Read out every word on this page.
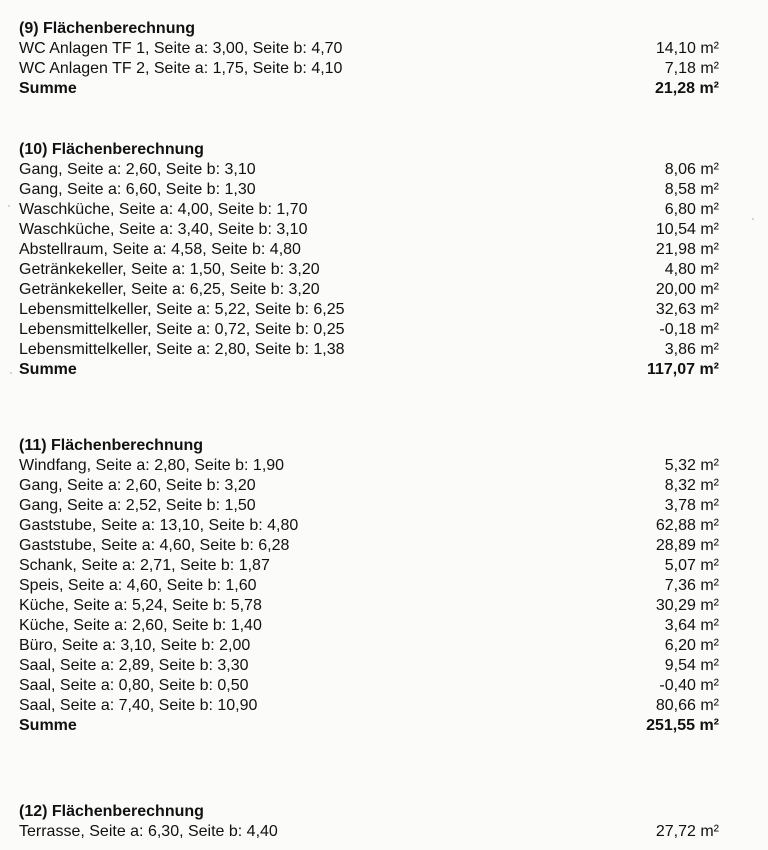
(9) Flächenberechnung
WC Anlagen TF 1, Seite a: 3,00, Seite b: 4,70	14,10 m²
WC Anlagen TF 2, Seite a: 1,75, Seite b: 4,10	7,18 m²
Summe	21,28 m²
(10) Flächenberechnung
Gang, Seite a: 2,60, Seite b: 3,10	8,06 m²
Gang, Seite a: 6,60, Seite b: 1,30	8,58 m²
Waschküche, Seite a: 4,00, Seite b: 1,70	6,80 m²
Waschküche, Seite a: 3,40, Seite b: 3,10	10,54 m²
Abstellraum, Seite a: 4,58, Seite b: 4,80	21,98 m²
Getränkekeller, Seite a: 1,50, Seite b: 3,20	4,80 m²
Getränkekeller, Seite a: 6,25, Seite b: 3,20	20,00 m²
Lebensmittelkeller, Seite a: 5,22, Seite b: 6,25	32,63 m²
Lebensmittelkeller, Seite a: 0,72, Seite b: 0,25	-0,18 m²
Lebensmittelkeller, Seite a: 2,80, Seite b: 1,38	3,86 m²
Summe	117,07 m²
(11) Flächenberechnung
Windfang, Seite a: 2,80, Seite b: 1,90	5,32 m²
Gang, Seite a: 2,60, Seite b: 3,20	8,32 m²
Gang, Seite a: 2,52, Seite b: 1,50	3,78 m²
Gaststube, Seite a: 13,10, Seite b: 4,80	62,88 m²
Gaststube, Seite a: 4,60, Seite b: 6,28	28,89 m²
Schank, Seite a: 2,71, Seite b: 1,87	5,07 m²
Speis, Seite a: 4,60, Seite b: 1,60	7,36 m²
Küche, Seite a: 5,24, Seite b: 5,78	30,29 m²
Küche, Seite a: 2,60, Seite b: 1,40	3,64 m²
Büro, Seite a: 3,10, Seite b: 2,00	6,20 m²
Saal, Seite a: 2,89, Seite b: 3,30	9,54 m²
Saal, Seite a: 0,80, Seite b: 0,50	-0,40 m²
Saal, Seite a: 7,40, Seite b: 10,90	80,66 m²
Summe	251,55 m²
(12) Flächenberechnung
Terrasse, Seite a: 6,30, Seite b: 4,40	27,72 m²
